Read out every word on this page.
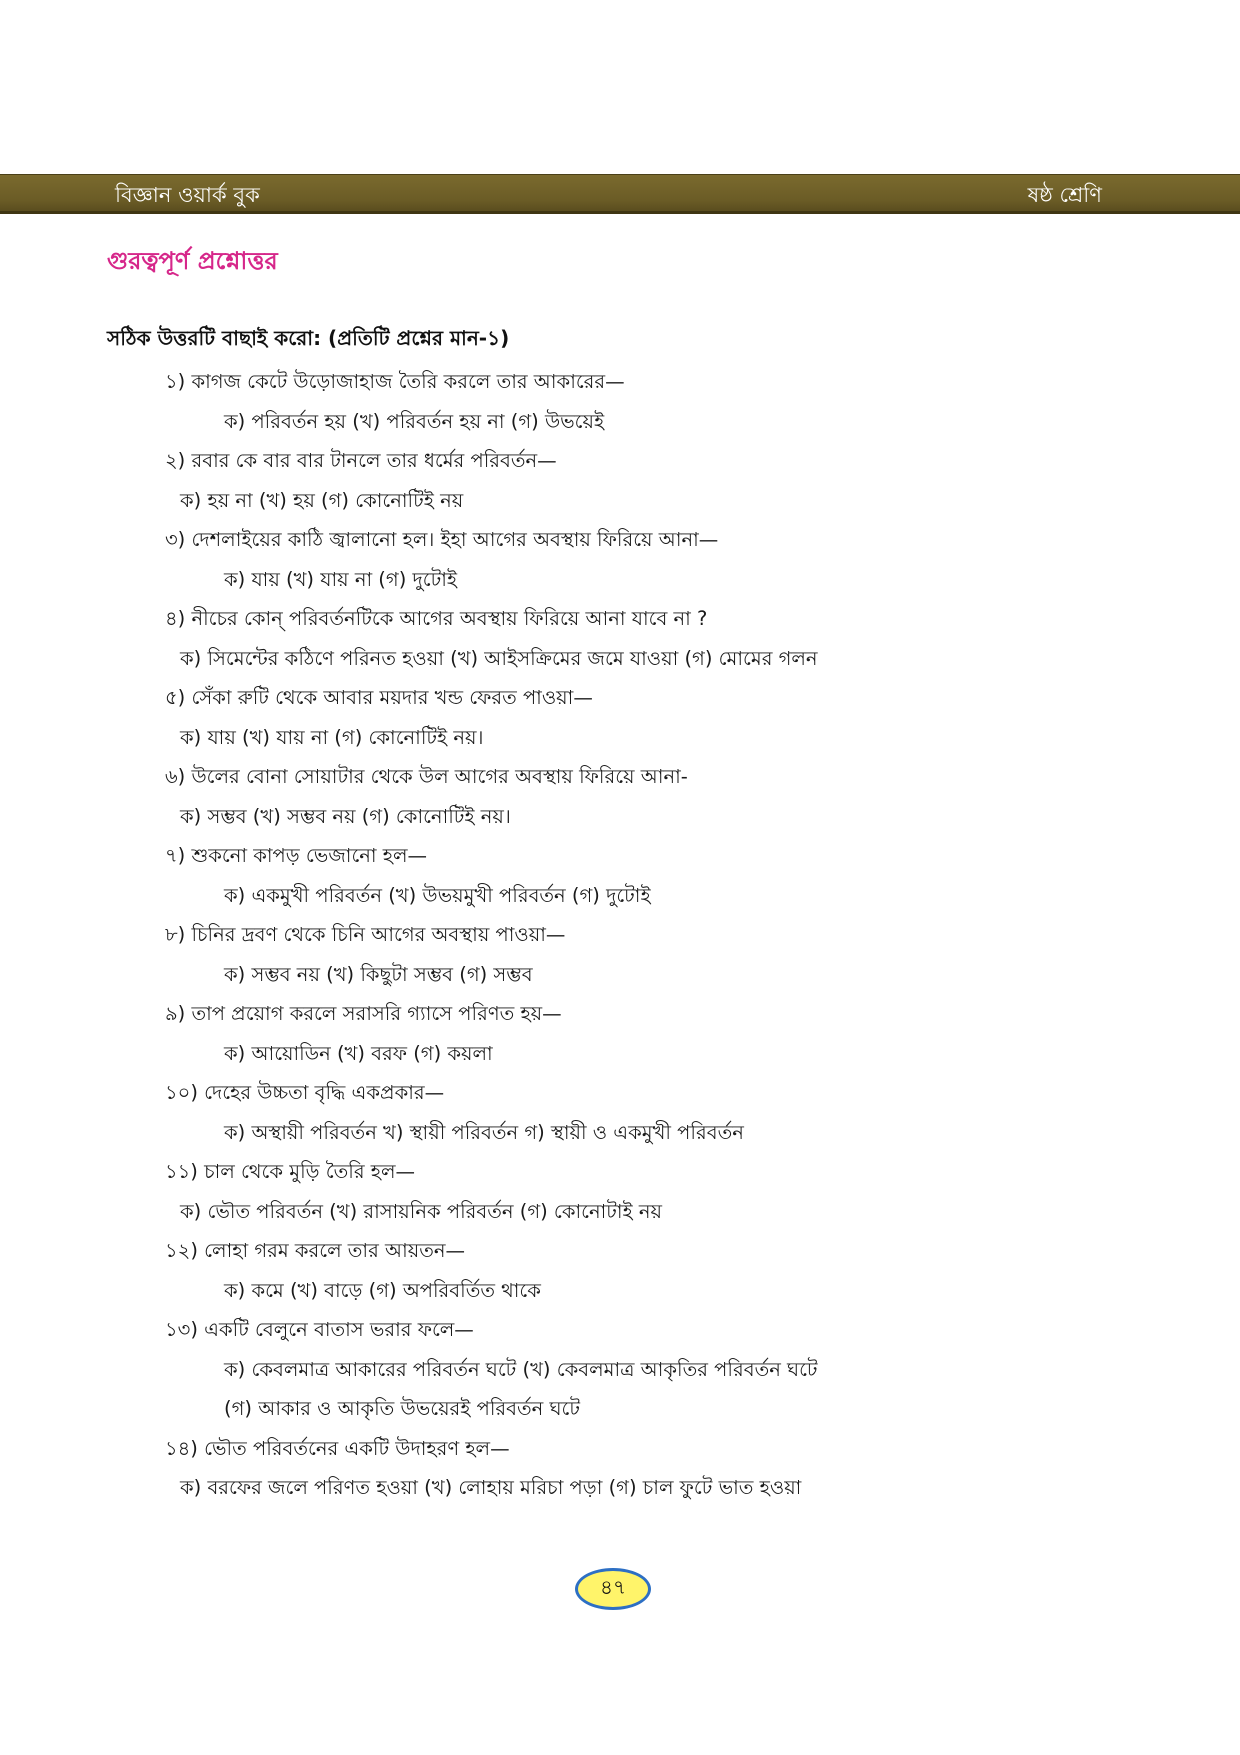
বিজ্ঞান ওয়ার্ক বুক	ষষ্ঠ শ্রেণি
গুরত্বপূর্ণ প্রশ্নোত্তর
সঠিক উত্তরটি বাছাই করো: (প্রতিটি প্রশ্নের মান-১)
১) কাগজ কেটে উড়োজাহাজ তৈরি করলে তার আকারের—
ক) পরিবর্তন হয় (খ) পরিবর্তন হয় না (গ) উভয়েই
২) রবার কে বার বার টানলে তার ধর্মের পরিবর্তন—
ক) হয় না (খ) হয় (গ) কোনোটিই নয়
৩) দেশলাইয়ের কাঠি জ্বালানো হল। ইহা আগের অবস্থায় ফিরিয়ে আনা—
ক) যায় (খ) যায় না (গ) দুটোই
৪) নীচের কোন্ পরিবর্তনটিকে আগের অবস্থায় ফিরিয়ে আনা যাবে না ?
ক) সিমেন্টের কঠিণে পরিনত হওয়া (খ) আইসক্রিমের জমে যাওয়া (গ) মোমের গলন
৫) সেঁকা রুটি থেকে আবার ময়দার খন্ড ফেরত পাওয়া—
ক) যায় (খ) যায় না (গ) কোনোটিই নয়।
৬) উলের বোনা সোয়াটার থেকে উল আগের অবস্থায় ফিরিয়ে আনা-
ক) সম্ভব (খ) সম্ভব নয় (গ) কোনোটিই নয়।
৭) শুকনো কাপড় ভেজানো হল—
ক) একমুখী পরিবর্তন (খ) উভয়মুখী পরিবর্তন (গ) দুটোই
৮) চিনির দ্রবণ থেকে চিনি আগের অবস্থায় পাওয়া—
ক) সম্ভব নয় (খ) কিছুটা সম্ভব (গ) সম্ভব
৯) তাপ প্রয়োগ করলে সরাসরি গ্যাসে পরিণত হয়—
ক) আয়োডিন (খ) বরফ (গ) কয়লা
১০) দেহের উচ্চতা বৃদ্ধি একপ্রকার—
ক) অস্থায়ী পরিবর্তন খ) স্থায়ী পরিবর্তন গ) স্থায়ী ও একমুখী পরিবর্তন
১১) চাল থেকে মুড়ি তৈরি হল—
ক) ভৌত পরিবর্তন (খ) রাসায়নিক পরিবর্তন (গ) কোনোটাই নয়
১২) লোহা গরম করলে তার আয়তন—
ক) কমে (খ) বাড়ে (গ) অপরিবর্তিত থাকে
১৩) একটি বেলুনে বাতাস ভরার ফলে—
ক) কেবলমাত্র আকারের পরিবর্তন ঘটে (খ) কেবলমাত্র আকৃতির পরিবর্তন ঘটে
(গ) আকার ও আকৃতি উভয়েরই পরিবর্তন ঘটে
১৪) ভৌত পরিবর্তনের একটি উদাহরণ হল—
ক) বরফের জলে পরিণত হওয়া (খ) লোহায় মরিচা পড়া (গ) চাল ফুটে ভাত হওয়া
৪৭
